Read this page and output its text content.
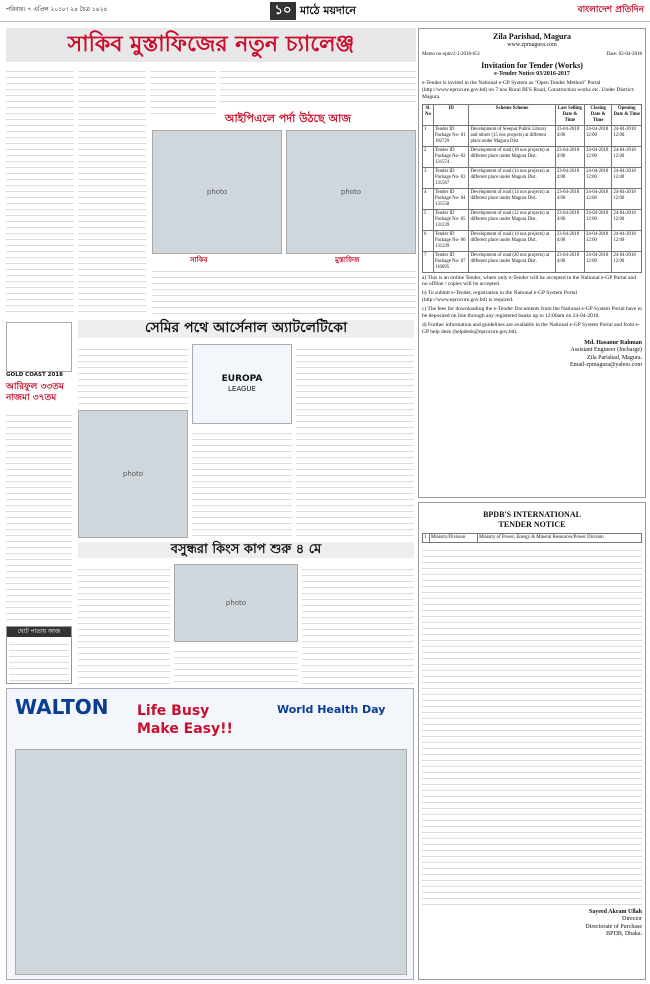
পরিবার। ৭ এপ্রিল ২০১৮। ২৪ চৈত্র ১৪২৪	১০ মাঠে ময়দানে	বাংলাদেশ প্রতিদিন
সাকিব মুস্তাফিজের নতুন চ্যালেঞ্জ
আইপিএলে পর্দা উঠছে আজ
photo	photo
সাকিব	মুস্তাফিজ
GOLD COAST 2018
আরিফুল ৩৩তম
নাজমা ৩৭তম
সেমির পথে আর্সেনাল অ্যাটলেটিকো
photo
EUROPA
LEAGUE
বসুন্ধরা কিংস কাপ শুরু ৪ মে
photo
ছোট পাতায় আজ
WALTON Life Busy
Make Easy!!
World Health Day
Zila Parishad, Magura
www.zpmagura.com
Memo no-zpm/2-1/2018-651	Date: 02-04-2018
Invitation for Tender (Works)
e-Tender Notice 03/2016-2017
e-Tender is invited in the National e-GP System as "Open Tender Method" Portal (http://www.eprocure.gov.bd) on 7 nos Rural BFS Road, Construction works etc. Under District: Magura.
Sl. No	ID	Scheme Scheme	Last Selling Date & Time	Closing Date & Time	Opening Date & Time
1	Tender ID Package No- 01 182729	Development of Sreepur Public Library and others (15 nos projects) at different place under Magura Dist.	23-04-2018 4:00	24-04-2018 12:00	24-04-2018 12:00
2	Tender ID Package No- 02 131574	Development of road (18 nos projects) at different place under Magura Dist.	23-04-2018 4:00	24-04-2018 12:00	24-04-2018 12:00
3	Tender ID Package No- 03 131567	Development of road (14 nos projects) at different place under Magura Dist.	23-04-2018 4:00	24-04-2018 12:00	24-04-2018 12:00
4	Tender ID Package No- 04 131558	Development of road (14 nos projects) at different place under Magura Dist.	23-04-2018 4:00	24-04-2018 12:00	24-04-2018 12:00
5	Tender ID Package No- 05 131239	Development of road (12 nos projects) at different place under Magura Dist.	23-04-2018 4:00	24-04-2018 12:00	24-04-2018 12:00
6	Tender ID Package No- 06 131239	Development of road (14 nos projects) at different place under Magura Dist.	23-04-2018 4:00	24-04-2018 12:00	24-04-2018 12:00
7	Tender ID Package No- 07 110095	Development of road (20 nos projects) at different place under Magura Dist.	23-04-2018 4:00	24-04-2018 12:00	24-04-2018 12:00
a) This is an online Tender, where only e-Tender will be accepted in the National e-GP Portal and no offline / copies will be accepted.
b) To submit e-Tender, registration in the National e-GP System Portal (http://www.eprocure.gov.bd) is required.
c) The fees for downloading the e-Tender Documents from the National e-GP System Portal have to be deposited on line through any registered banks up to 12:00am on 24-04-2018.
d) Further information and guidelines are available in the National e-GP System Portal and from e-GP help desk (helpdesk@eprocure.gov.bd).
Md. Hasanur Rahman
Assistant Engineer (Incharge)
Zila Parishad, Magura.
Email-zpmagura@yahoo.com
BPDB'S INTERNATIONAL
TENDER NOTICE
1	Ministry/Division	Ministry of Power, Energy & Mineral Resources/Power Division
Sayeed Akram Ullah
Director
Directorate of Purchase
BPDB, Dhaka.
